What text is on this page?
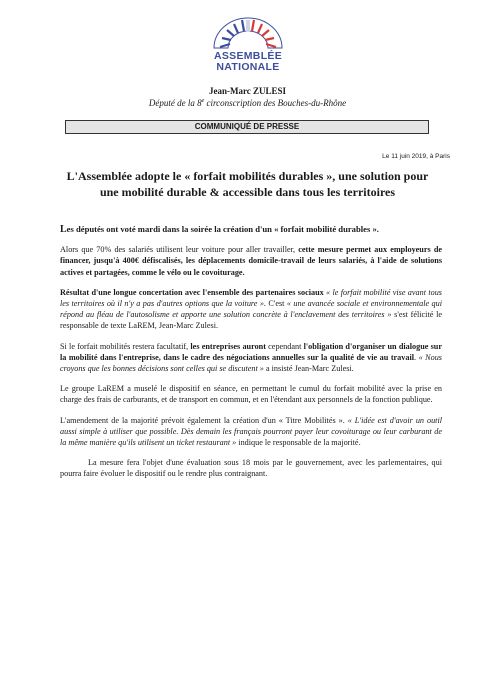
ASSEMBLÉE
NATIONALE
Jean-Marc ZULESI
Député de la 8e circonscription des Bouches-du-Rhône
COMMUNIQUÉ DE PRESSE
Le 11 juin 2019, à Paris
L'Assemblée adopte le « forfait mobilités durables », une solution pour
une mobilité durable & accessible dans tous les territoires

Les députés ont voté mardi dans la soirée la création d'un « forfait mobilité durables ».

Alors que 70% des salariés utilisent leur voiture pour aller travailler, cette mesure permet aux employeurs de financer, jusqu'à 400€ défiscalisés, les déplacements domicile-travail de leurs salariés, à l'aide de solutions actives et partagées, comme le vélo ou le covoiturage.

Résultat d'une longue concertation avec l'ensemble des partenaires sociaux « le forfait mobilité vise avant tous les territoires où il n'y a pas d'autres options que la voiture ». C'est « une avancée sociale et environnementale qui répond au fléau de l'autosolisme et apporte une solution concrète à l'enclavement des territoires » s'est félicité le responsable de texte LaREM, Jean-Marc Zulesi.

Si le forfait mobilités restera facultatif, les entreprises auront cependant l'obligation d'organiser un dialogue sur la mobilité dans l'entreprise, dans le cadre des négociations annuelles sur la qualité de vie au travail. « Nous croyons que les bonnes décisions sont celles qui se discutent » a insisté Jean-Marc Zulesi.

Le groupe LaREM a muselé le dispositif en séance, en permettant le cumul du forfait mobilité avec la prise en charge des frais de carburants, et de transport en commun, et en l'étendant aux personnels de la fonction publique.

L'amendement de la majorité prévoit également la création d'un « Titre Mobilités ». « L'idée est d'avoir un outil aussi simple à utiliser que possible. Dès demain les français pourront payer leur covoiturage ou leur carburant de la même manière qu'ils utilisent un ticket restaurant » indique le responsable de la majorité.

La mesure fera l'objet d'une évaluation sous 18 mois par le gouvernement, avec les parlementaires, qui pourra faire évoluer le dispositif ou le rendre plus contraignant.
